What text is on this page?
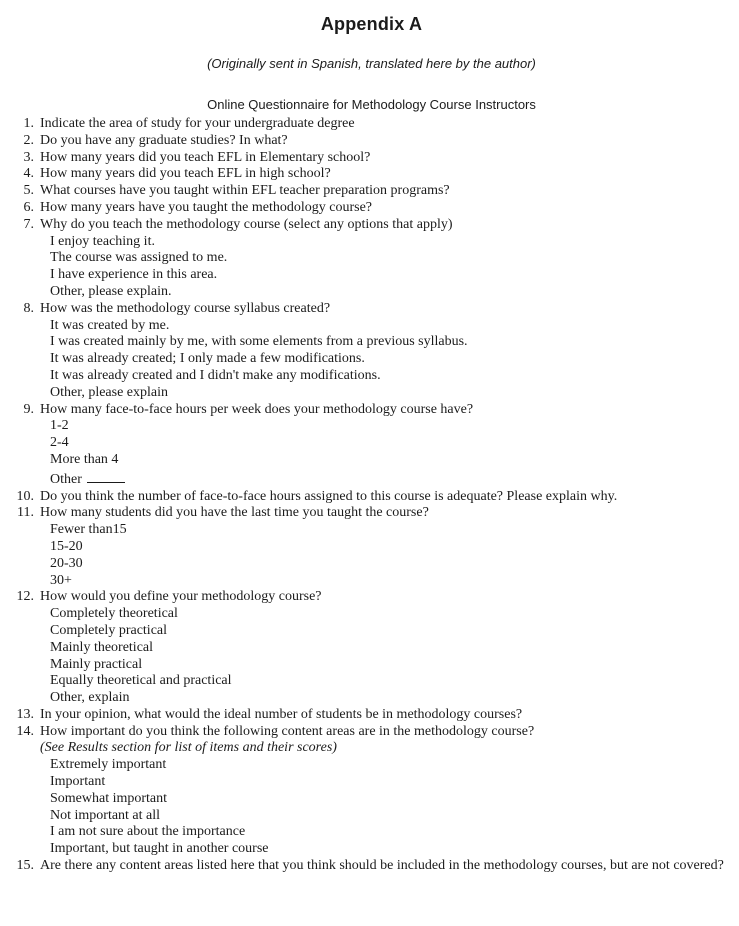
Appendix A
(Originally sent in Spanish, translated here by the author)
Online Questionnaire for Methodology Course Instructors
1. Indicate the area of study for your undergraduate degree
2. Do you have any graduate studies? In what?
3. How many years did you teach EFL in Elementary school?
4. How many years did you teach EFL in high school?
5. What courses have you taught within EFL teacher preparation programs?
6. How many years have you taught the methodology course?
7. Why do you teach the methodology course (select any options that apply)
I enjoy teaching it.
The course was assigned to me.
I have experience in this area.
Other, please explain.
8. How was the methodology course syllabus created?
It was created by me.
I was created mainly by me, with some elements from a previous syllabus.
It was already created; I only made a few modifications.
It was already created and I didn't make any modifications.
Other, please explain
9. How many face-to-face hours per week does your methodology course have?
1-2
2-4
More than 4
Other
10. Do you think the number of face-to-face hours assigned to this course is adequate? Please explain why.
11. How many students did you have the last time you taught the course?
Fewer than15
15-20
20-30
30+
12. How would you define your methodology course?
Completely theoretical
Completely practical
Mainly theoretical
Mainly practical
Equally theoretical and practical
Other, explain
13. In your opinion, what would the ideal number of students be in methodology courses?
14. How important do you think the following content areas are in the methodology course?
(See Results section for list of items and their scores)
Extremely important
Important
Somewhat important
Not important at all
I am not sure about the importance
Important, but taught in another course
15. Are there any content areas listed here that you think should be included in the methodology courses, but are not covered?
